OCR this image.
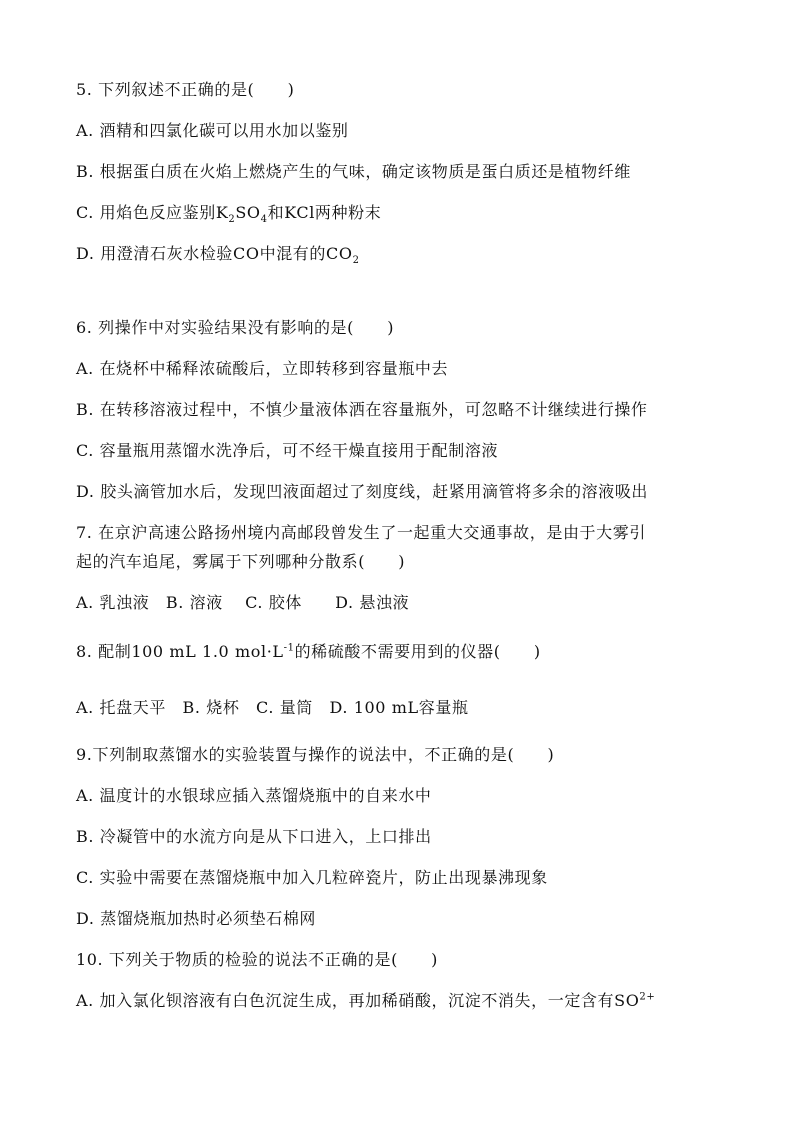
5. 下列叙述不正确的是(　　)
A. 酒精和四氯化碳可以用水加以鉴别
B. 根据蛋白质在火焰上燃烧产生的气味，确定该物质是蛋白质还是植物纤维
C. 用焰色反应鉴别$K_2SO_4$和KCl两种粉末
D. 用澄清石灰水检验CO中混有的$CO_2$
6. 列操作中对实验结果没有影响的是(　　)
A. 在烧杯中稀释浓硫酸后，立即转移到容量瓶中去
B. 在转移溶液过程中，不慎少量液体洒在容量瓶外，可忽略不计继续进行操作
C. 容量瓶用蒸馏水洗净后，可不经干燥直接用于配制溶液
D. 胶头滴管加水后，发现凹液面超过了刻度线，赶紧用滴管将多余的溶液吸出
7. 在京沪高速公路扬州境内高邮段曾发生了一起重大交通事故，是由于大雾引
起的汽车追尾，雾属于下列哪种分散系(　　)
A. 乳浊液　B. 溶液　 C. 胶体　　D. 悬浊液
8. 配制100 mL 1.0 $mol\cdot L^{-1}$的稀硫酸不需要用到的仪器(　　)
A. 托盘天平　B. 烧杯　C. 量筒　D. 100 mL容量瓶
9.下列制取蒸馏水的实验装置与操作的说法中，不正确的是(　　)
A. 温度计的水银球应插入蒸馏烧瓶中的自来水中
B. 冷凝管中的水流方向是从下口进入，上口排出
C. 实验中需要在蒸馏烧瓶中加入几粒碎瓷片，防止出现暴沸现象
D. 蒸馏烧瓶加热时必须垫石棉网
10. 下列关于物质的检验的说法不正确的是(　　)
A. 加入氯化钡溶液有白色沉淀生成，再加稀硝酸，沉淀不消失，一定含有$SO^{2+}$
